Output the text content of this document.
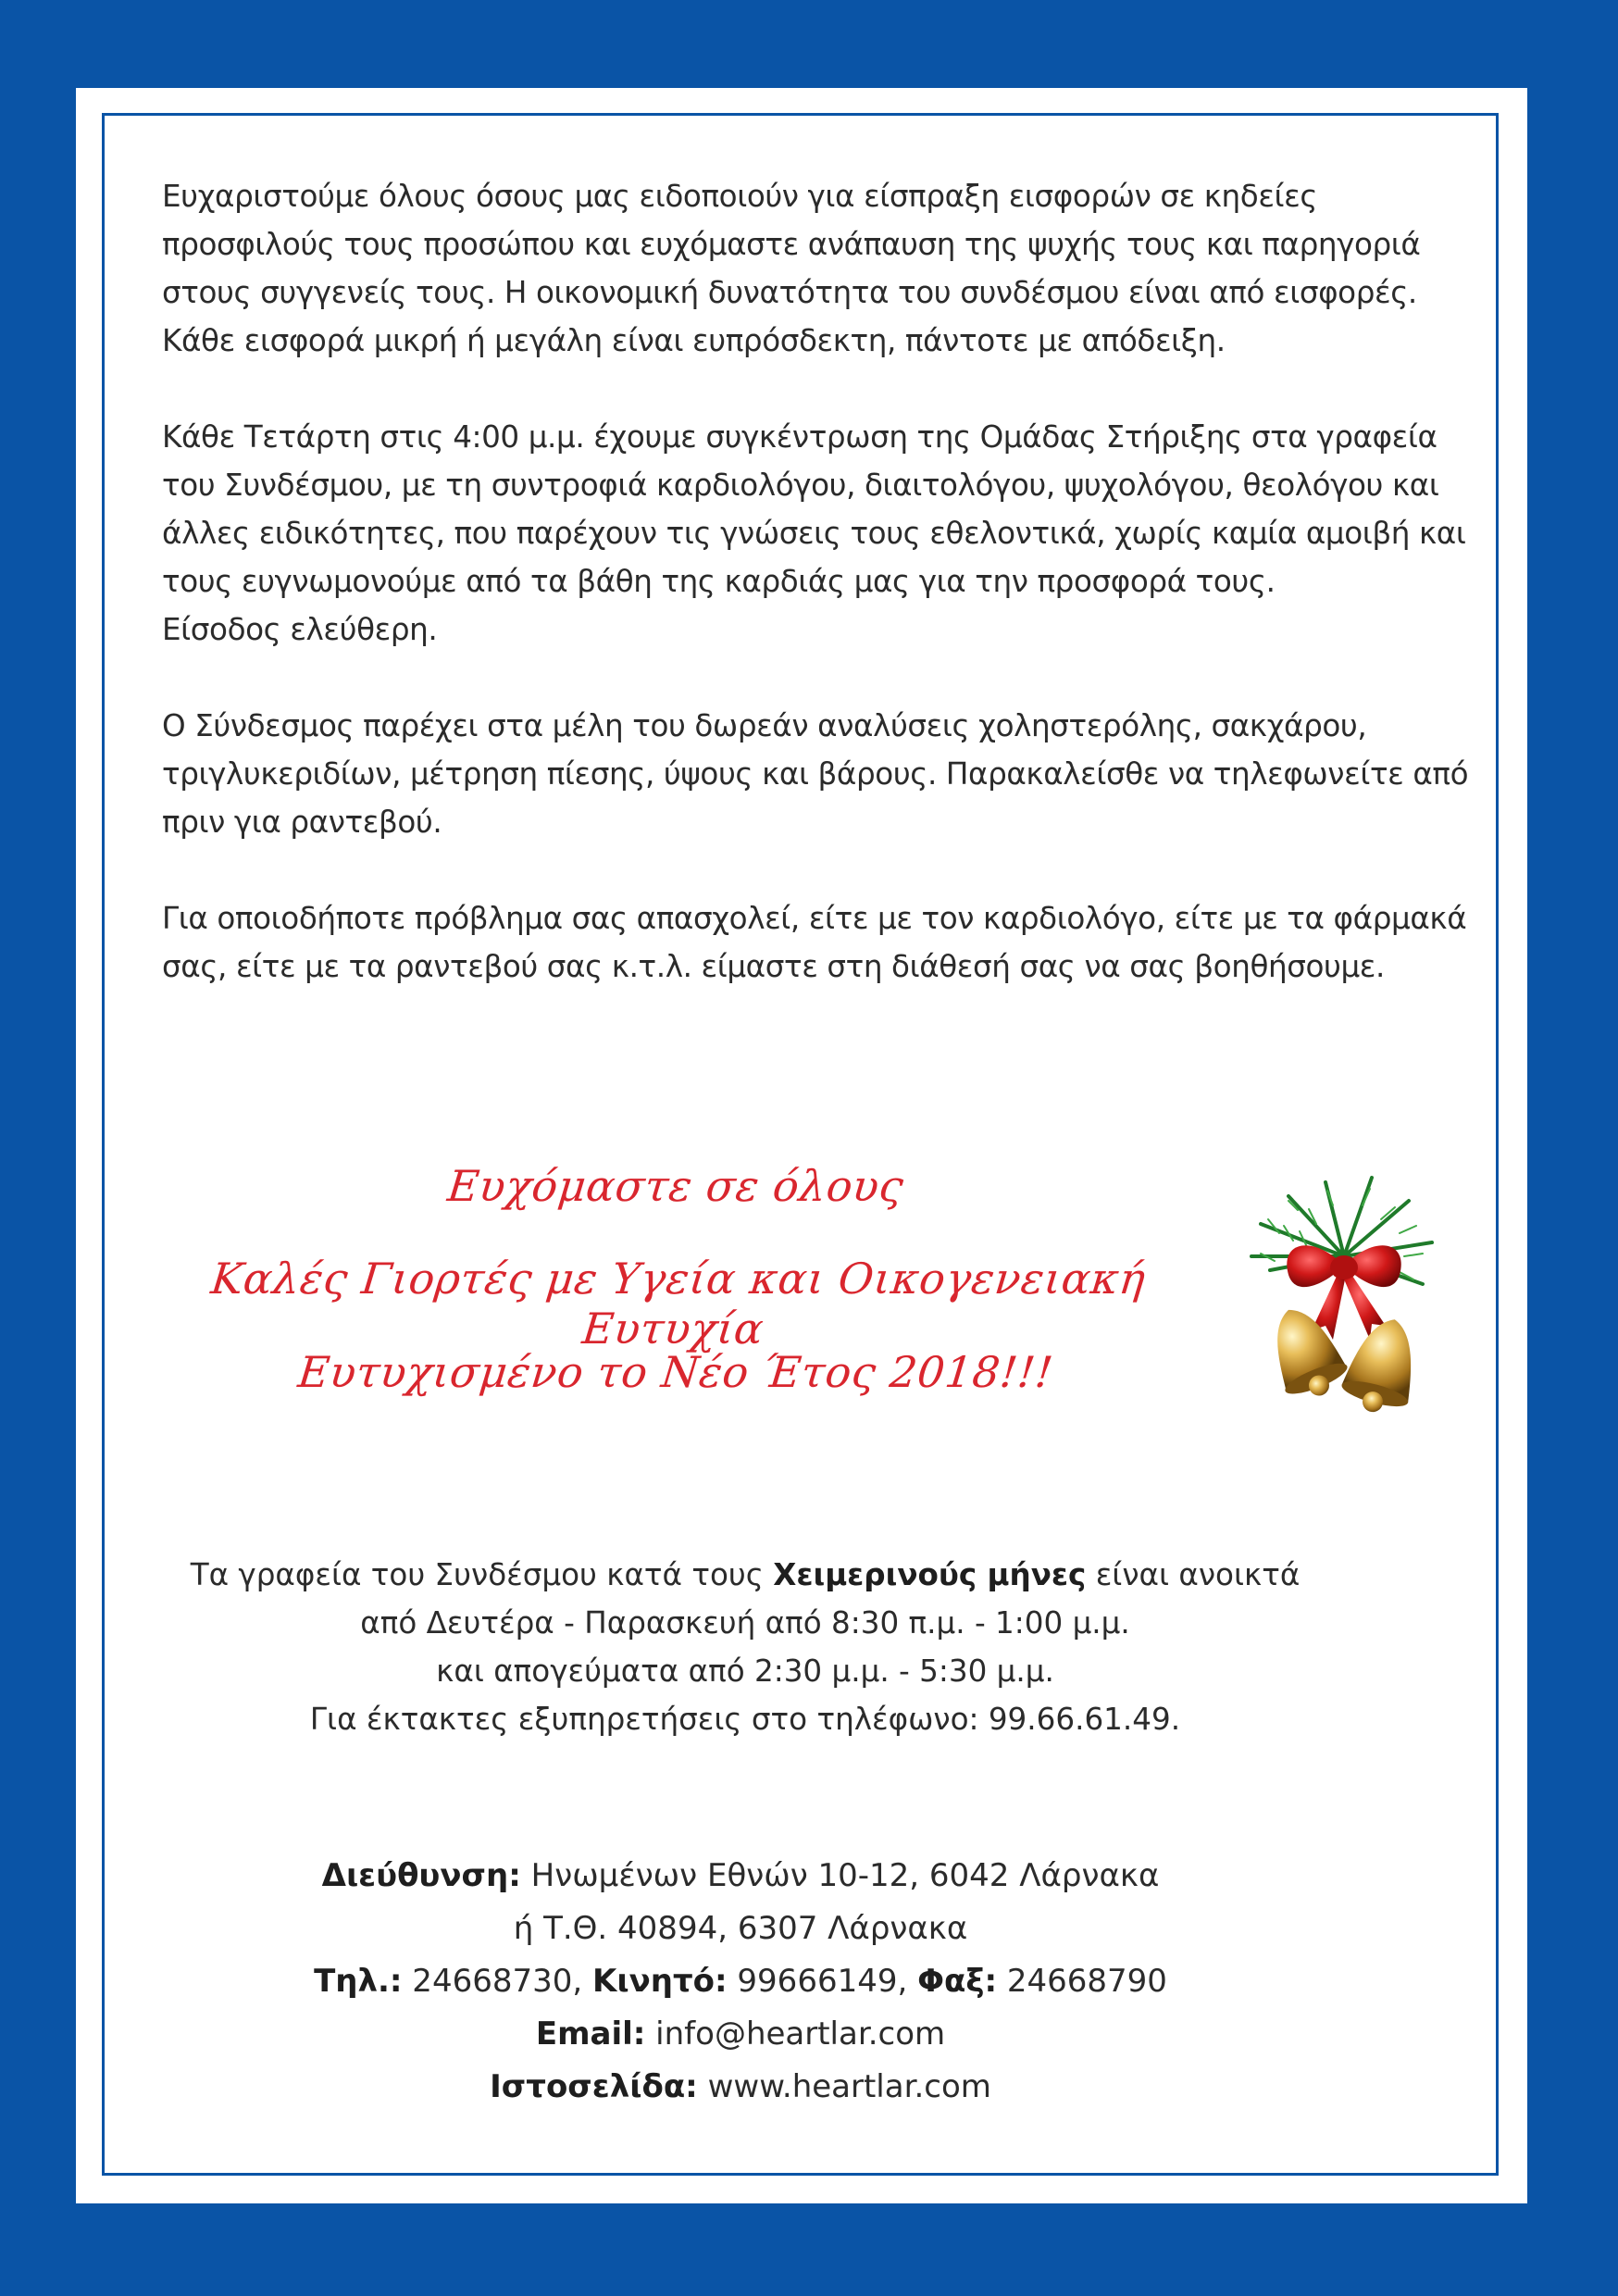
Ευχαριστούμε όλους όσους μας ειδοποιούν για είσπραξη εισφορών σε κηδείες προσφιλούς τους προσώπου και ευχόμαστε ανάπαυση της ψυχής τους και παρηγοριά στους συγγενείς τους. Η οικονομική δυνατότητα του συνδέσμου είναι από εισφορές. Κάθε εισφορά μικρή ή μεγάλη είναι ευπρόσδεκτη, πάντοτε με απόδειξη.

Κάθε Τετάρτη στις 4:00 μ.μ. έχουμε συγκέντρωση της Ομάδας Στήριξης στα γραφεία του Συνδέσμου, με τη συντροφιά καρδιολόγου, διαιτολόγου, ψυχολόγου, θεολόγου και άλλες ειδικότητες, που παρέχουν τις γνώσεις τους εθελοντικά, χωρίς καμία αμοιβή και τους ευγνωμονούμε από τα βάθη της καρδιάς μας για την προσφορά τους.

Είσοδος ελεύθερη.

Ο Σύνδεσμος παρέχει στα μέλη του δωρεάν αναλύσεις χοληστερόλης, σακχάρου, τριγλυκεριδίων, μέτρηση πίεσης, ύψους και βάρους. Παρακαλείσθε να τηλεφωνείτε από πριν για ραντεβού.

Για οποιοδήποτε πρόβλημα σας απασχολεί, είτε με τον καρδιολόγο, είτε με τα φάρμακά σας, είτε με τα ραντεβού σας κ.τ.λ. είμαστε στη διάθεσή σας να σας βοηθήσουμε.

Ευχόμαστε σε όλους
Καλές Γιορτές με Υγεία και Οικογενειακή Ευτυχία
Ευτυχισμένο το Νέο Έτος 2018!!!
Τα γραφεία του Συνδέσμου κατά τους Χειμερινούς μήνες είναι ανοικτά
από Δευτέρα - Παρασκευή από 8:30 π.μ. - 1:00 μ.μ.
και απογεύματα από 2:30 μ.μ. - 5:30 μ.μ.
Για έκτακτες εξυπηρετήσεις στο τηλέφωνο: 99.66.61.49.
Διεύθυνση: Ηνωμένων Εθνών 10-12, 6042 Λάρνακα
ή Τ.Θ. 40894, 6307 Λάρνακα
Τηλ.: 24668730, Κινητό: 99666149, Φαξ: 24668790
Email: info@heartlar.com
Ιστοσελίδα: www.heartlar.com
